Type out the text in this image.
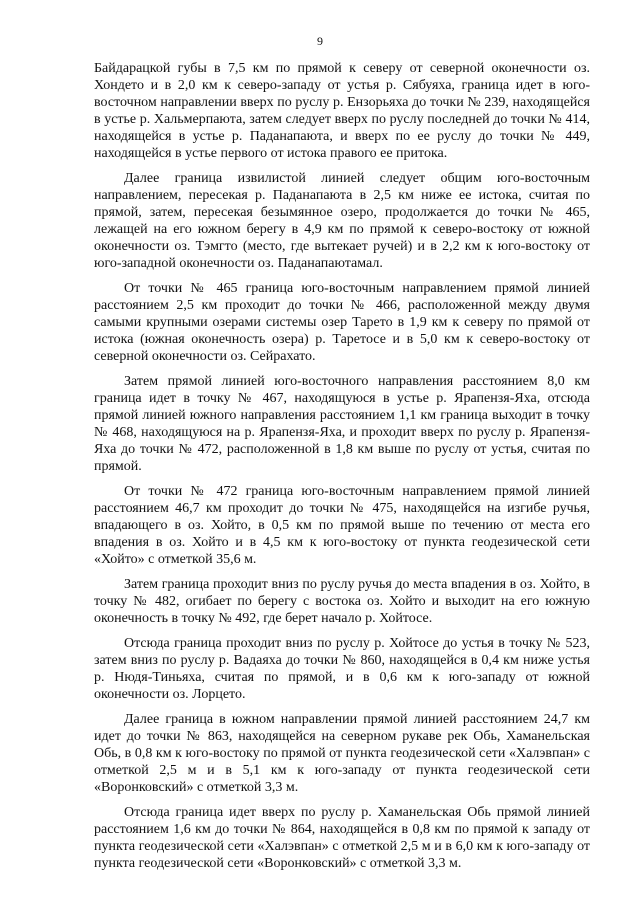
9

Байдарацкой губы в 7,5 км по прямой к северу от северной оконечности оз. Хондето и в 2,0 км к северо-западу от устья р. Сябуяха, граница идет в юго-восточном направлении вверх по руслу р. Ензорьяха до точки № 239, находящейся в устье р. Хальмерпаюта, затем следует вверх по руслу последней до точки № 414, находящейся в устье р. Паданапаюта, и вверх по ее руслу до точки № 449, находящейся в устье первого от истока правого ее притока.

Далее граница извилистой линией следует общим юго-восточным направлением, пересекая р. Паданапаюта в 2,5 км ниже ее истока, считая по прямой, затем, пересекая безымянное озеро, продолжается до точки № 465, лежащей на его южном берегу в 4,9 км по прямой к северо-востоку от южной оконечности оз. Тэмгто (место, где вытекает ручей) и в 2,2 км к юго-востоку от юго-западной оконечности оз. Паданапаютамал.

От точки № 465 граница юго-восточным направлением прямой линией расстоянием 2,5 км проходит до точки № 466, расположенной между двумя самыми крупными озерами системы озер Тарето в 1,9 км к северу по прямой от истока (южная оконечность озера) р. Таретосе и в 5,0 км к северо-востоку от северной оконечности оз. Сейрахато.

Затем прямой линией юго-восточного направления расстоянием 8,0 км граница идет в точку № 467, находящуюся в устье р. Ярапензя-Яха, отсюда прямой линией южного направления расстоянием 1,1 км граница выходит в точку № 468, находящуюся на р. Ярапензя-Яха, и проходит вверх по руслу р. Ярапензя-Яха до точки № 472, расположенной в 1,8 км выше по руслу от устья, считая по прямой.

От точки № 472 граница юго-восточным направлением прямой линией расстоянием 46,7 км проходит до точки № 475, находящейся на изгибе ручья, впадающего в оз. Хойто, в 0,5 км по прямой выше по течению от места его впадения в оз. Хойто и в 4,5 км к юго-востоку от пункта геодезической сети «Хойто» с отметкой 35,6 м.

Затем граница проходит вниз по руслу ручья до места впадения в оз. Хойто, в точку № 482, огибает по берегу с востока оз. Хойто и выходит на его южную оконечность в точку № 492, где берет начало р. Хойтосе.

Отсюда граница проходит вниз по руслу р. Хойтосе до устья в точку № 523, затем вниз по руслу р. Вадаяха до точки № 860, находящейся в 0,4 км ниже устья р. Нюдя-Тиньяха, считая по прямой, и в 0,6 км к юго-западу от южной оконечности оз. Лорцето.

Далее граница в южном направлении прямой линией расстоянием 24,7 км идет до точки № 863, находящейся на северном рукаве рек Обь, Хаманельская Обь, в 0,8 км к юго-востоку по прямой от пункта геодезической сети «Халэвпан» с отметкой 2,5 м и в 5,1 км к юго-западу от пункта геодезической сети «Воронковский» с отметкой 3,3 м.

Отсюда граница идет вверх по руслу р. Хаманельская Обь прямой линией расстоянием 1,6 км до точки № 864, находящейся в 0,8 км по прямой к западу от пункта геодезической сети «Халэвпан» с отметкой 2,5 м и в 6,0 км к юго-западу от пункта геодезической сети «Воронковский» с отметкой 3,3 м.
